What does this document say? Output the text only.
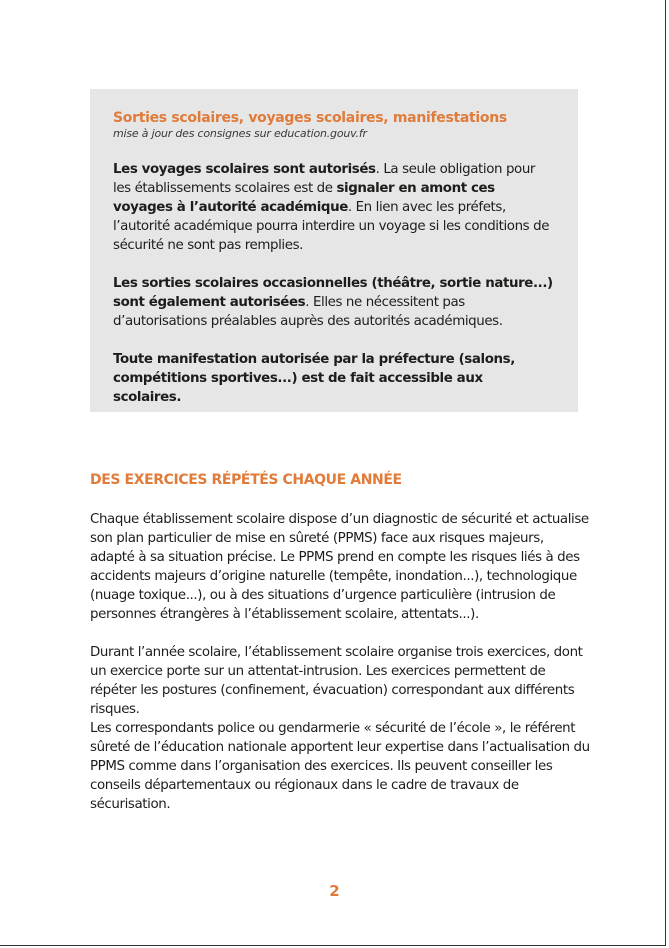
Sorties scolaires, voyages scolaires, manifestations
mise à jour des consignes sur education.gouv.fr

Les voyages scolaires sont autorisés. La seule obligation pour les établissements scolaires est de signaler en amont ces voyages à l’autorité académique. En lien avec les préfets, l’autorité académique pourra interdire un voyage si les conditions de sécurité ne sont pas remplies.

Les sorties scolaires occasionnelles (théâtre, sortie nature...) sont également autorisées. Elles ne nécessitent pas d’autorisations préalables auprès des autorités académiques.

Toute manifestation autorisée par la préfecture (salons, compétitions sportives...) est de fait accessible aux scolaires.

DES EXERCICES RÉPÉTÉS CHAQUE ANNÉE

Chaque établissement scolaire dispose d’un diagnostic de sécurité et actualise son plan particulier de mise en sûreté (PPMS) face aux risques majeurs, adapté à sa situation précise. Le PPMS prend en compte les risques liés à des accidents majeurs d’origine naturelle (tempête, inondation...), technologique (nuage toxique...), ou à des situations d’urgence particulière (intrusion de personnes étrangères à l’établissement scolaire, attentats...).

Durant l’année scolaire, l’établissement scolaire organise trois exercices, dont un exercice porte sur un attentat-intrusion. Les exercices permettent de répéter les postures (confinement, évacuation) correspondant aux différents risques.

Les correspondants police ou gendarmerie « sécurité de l’école », le référent sûreté de l’éducation nationale apportent leur expertise dans l’actualisation du PPMS comme dans l’organisation des exercices. Ils peuvent conseiller les conseils départementaux ou régionaux dans le cadre de travaux de sécurisation.

2
